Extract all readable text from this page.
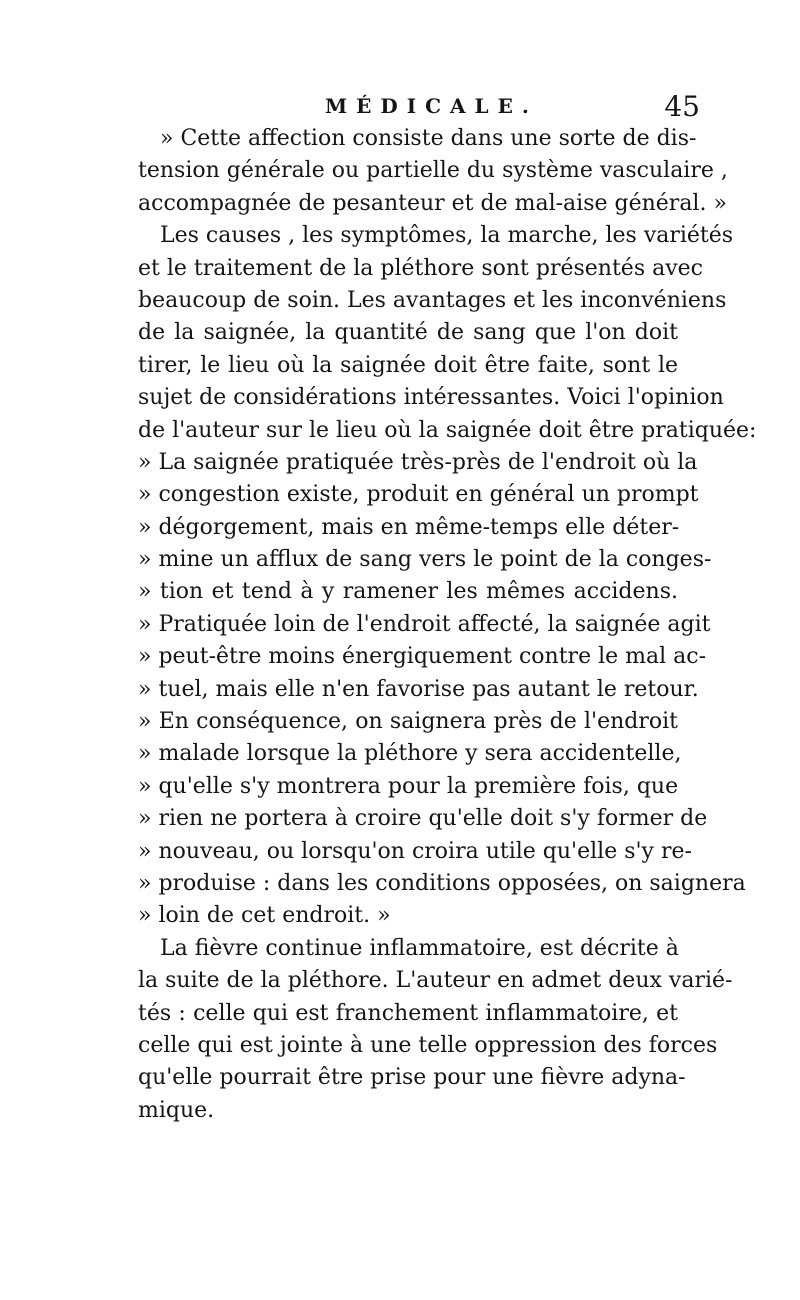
MÉDICALE.	45
» Cette affection consiste dans une sorte de dis-
tension générale ou partielle du système vasculaire ,
accompagnée de pesanteur et de mal-aise général. »
Les causes , les symptômes, la marche, les variétés
et le traitement de la pléthore sont présentés avec
beaucoup de soin. Les avantages et les inconvéniens
de la saignée, la quantité de sang que l'on doit
tirer, le lieu où la saignée doit être faite, sont le
sujet de considérations intéressantes. Voici l'opinion
de l'auteur sur le lieu où la saignée doit être pratiquée:
» La saignée pratiquée très-près de l'endroit où la
» congestion existe, produit en général un prompt
» dégorgement, mais en même-temps elle déter-
» mine un afflux de sang vers le point de la conges-
» tion et tend à y ramener les mêmes accidens.
» Pratiquée loin de l'endroit affecté, la saignée agit
» peut-être moins énergiquement contre le mal ac-
» tuel, mais elle n'en favorise pas autant le retour.
» En conséquence, on saignera près de l'endroit
» malade lorsque la pléthore y sera accidentelle,
» qu'elle s'y montrera pour la première fois, que
» rien ne portera à croire qu'elle doit s'y former de
» nouveau, ou lorsqu'on croira utile qu'elle s'y re-
» produise : dans les conditions opposées, on saignera
» loin de cet endroit. »
La fièvre continue inflammatoire, est décrite à
la suite de la pléthore. L'auteur en admet deux varié-
tés : celle qui est franchement inflammatoire, et
celle qui est jointe à une telle oppression des forces
qu'elle pourrait être prise pour une fièvre adyna-
mique.
